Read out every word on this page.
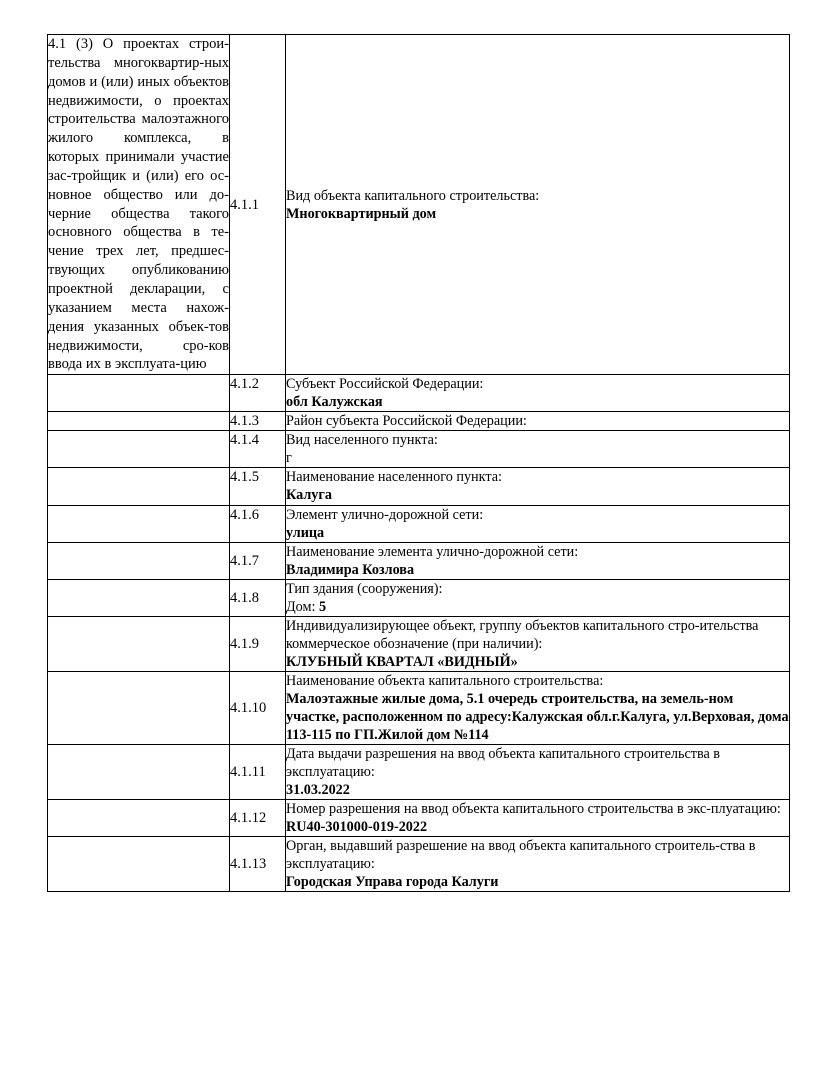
4.1 (3) О проектах строи-тельства многоквартир-ных домов и (или) иных объектов недвижимости, о проектах строительства малоэтажного жилого комплекса, в которых принимали участие зас-тройщик и (или) его ос-новное общество или до-черние общества такого основного общества в те-чение трех лет, предшес-твующих опубликованию проектной декларации, с указанием места нахож-дения указанных объек-тов недвижимости, сро-ков ввода их в эксплуата-цию	4.1.1	Вид объекта капитального строительства:
Многоквартирный дом

	4.1.2	Субъект Российской Федерации:
обл Калужская

	4.1.3	Район субъекта Российской Федерации:

	4.1.4	Вид населенного пункта:
г

	4.1.5	Наименование населенного пункта:
Калуга

	4.1.6	Элемент улично-дорожной сети:
улица

	4.1.7	Наименование элемента улично-дорожной сети:
Владимира Козлова

	4.1.8	Тип здания (сооружения):
Дом: 5

	4.1.9	Индивидуализирующее объект, группу объектов капитального стро-ительства коммерческое обозначение (при наличии):
КЛУБНЫЙ КВАРТАЛ «ВИДНЫЙ»

	4.1.10	Наименование объекта капитального строительства:
Малоэтажные жилые дома, 5.1 очередь строительства, на земель-ном участке, расположенном по адресу:Калужская обл.г.Калуга, ул.Верховая, дома 113-115 по ГП.Жилой дом №114

	4.1.11	Дата выдачи разрешения на ввод объекта капитального строительства в эксплуатацию:
31.03.2022

	4.1.12	Номер разрешения на ввод объекта капитального строительства в экс-плуатацию:
RU40-301000-019-2022

	4.1.13	Орган, выдавший разрешение на ввод объекта капитального строитель-ства в эксплуатацию:
Городская Управа города Калуги
